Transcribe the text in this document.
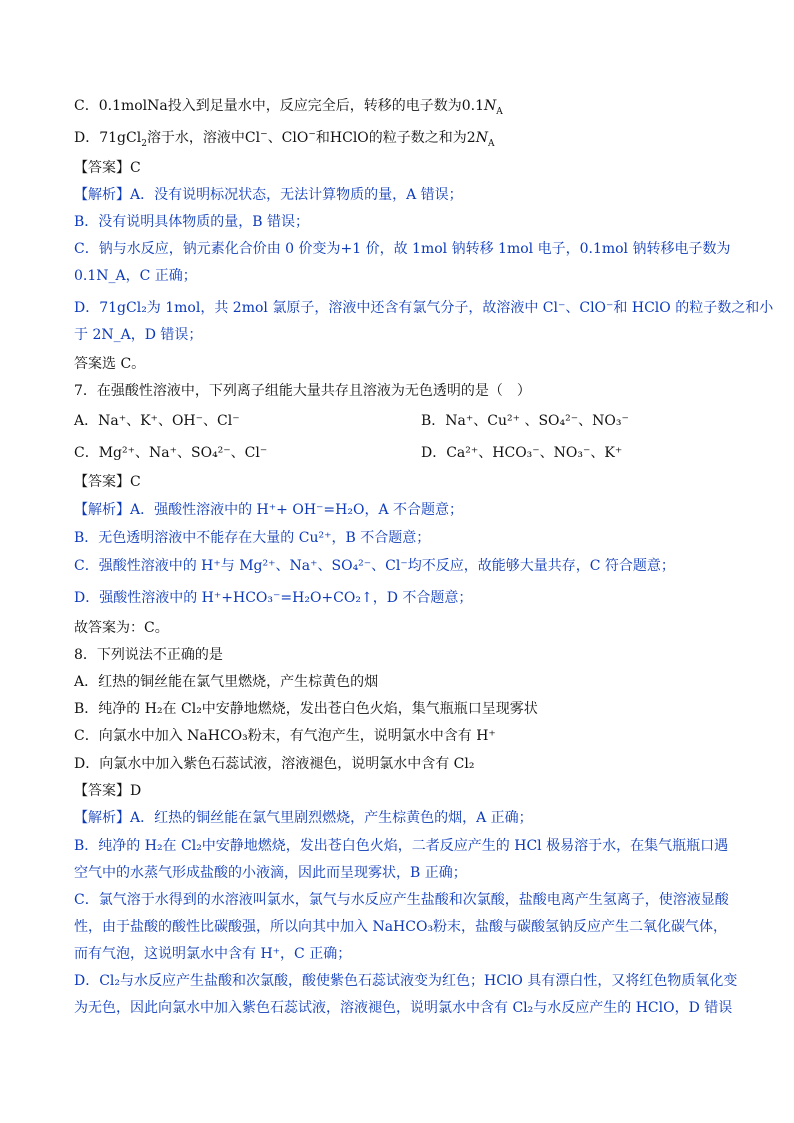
C．0.1molNa投入到足量水中，反应完全后，转移的电子数为$0.1N_A$
D．71gCl$_2$溶于水，溶液中Cl−、ClO−和HClO的粒子数之和为$2N_A$
【答案】C
【解析】A．没有说明标况状态，无法计算物质的量，A 错误；
B．没有说明具体物质的量，B 错误；
C．钠与水反应，钠元素化合价由 0 价变为+1 价，故 1mol 钠转移 1mol 电子，0.1mol 钠转移电子数为
0.1N_A，C 正确；
D．71gCl₂为 1mol，共 2mol 氯原子，溶液中还含有氯气分子，故溶液中 Cl⁻、ClO⁻和 HClO 的粒子数之和小
于 2N_A，D 错误；
答案选 C。
7．在强酸性溶液中，下列离子组能大量共存且溶液为无色透明的是（　）
A．Na⁺、K⁺、OH⁻、Cl⁻	B．Na⁺、Cu²⁺ 、SO₄²⁻、NO₃⁻
C．Mg²⁺、Na⁺、SO₄²⁻、Cl⁻	D．Ca²⁺、HCO₃⁻、NO₃⁻、K⁺
【答案】C
【解析】A．强酸性溶液中的 H⁺+ OH⁻=H₂O，A 不合题意；
B．无色透明溶液中不能存在大量的 Cu²⁺，B 不合题意；
C．强酸性溶液中的 H⁺与 Mg²⁺、Na⁺、SO₄²⁻、Cl⁻均不反应，故能够大量共存，C 符合题意；
D．强酸性溶液中的 H⁺+HCO₃⁻=H₂O+CO₂↑，D 不合题意；
故答案为：C。
8．下列说法不正确的是
A．红热的铜丝能在氯气里燃烧，产生棕黄色的烟
B．纯净的 H₂在 Cl₂中安静地燃烧，发出苍白色火焰，集气瓶瓶口呈现雾状
C．向氯水中加入 NaHCO₃粉末，有气泡产生，说明氯水中含有 H⁺
D．向氯水中加入紫色石蕊试液，溶液褪色，说明氯水中含有 Cl₂
【答案】D
【解析】A．红热的铜丝能在氯气里剧烈燃烧，产生棕黄色的烟，A 正确；
B．纯净的 H₂在 Cl₂中安静地燃烧，发出苍白色火焰，二者反应产生的 HCl 极易溶于水，在集气瓶瓶口遇
空气中的水蒸气形成盐酸的小液滴，因此而呈现雾状，B 正确；
C．氯气溶于水得到的水溶液叫氯水，氯气与水反应产生盐酸和次氯酸，盐酸电离产生氢离子，使溶液显酸
性，由于盐酸的酸性比碳酸强，所以向其中加入 NaHCO₃粉末，盐酸与碳酸氢钠反应产生二氧化碳气体，
而有气泡，这说明氯水中含有 H⁺，C 正确；
D．Cl₂与水反应产生盐酸和次氯酸，酸使紫色石蕊试液变为红色；HClO 具有漂白性，又将红色物质氧化变
为无色，因此向氯水中加入紫色石蕊试液，溶液褪色，说明氯水中含有 Cl₂与水反应产生的 HClO，D 错误
